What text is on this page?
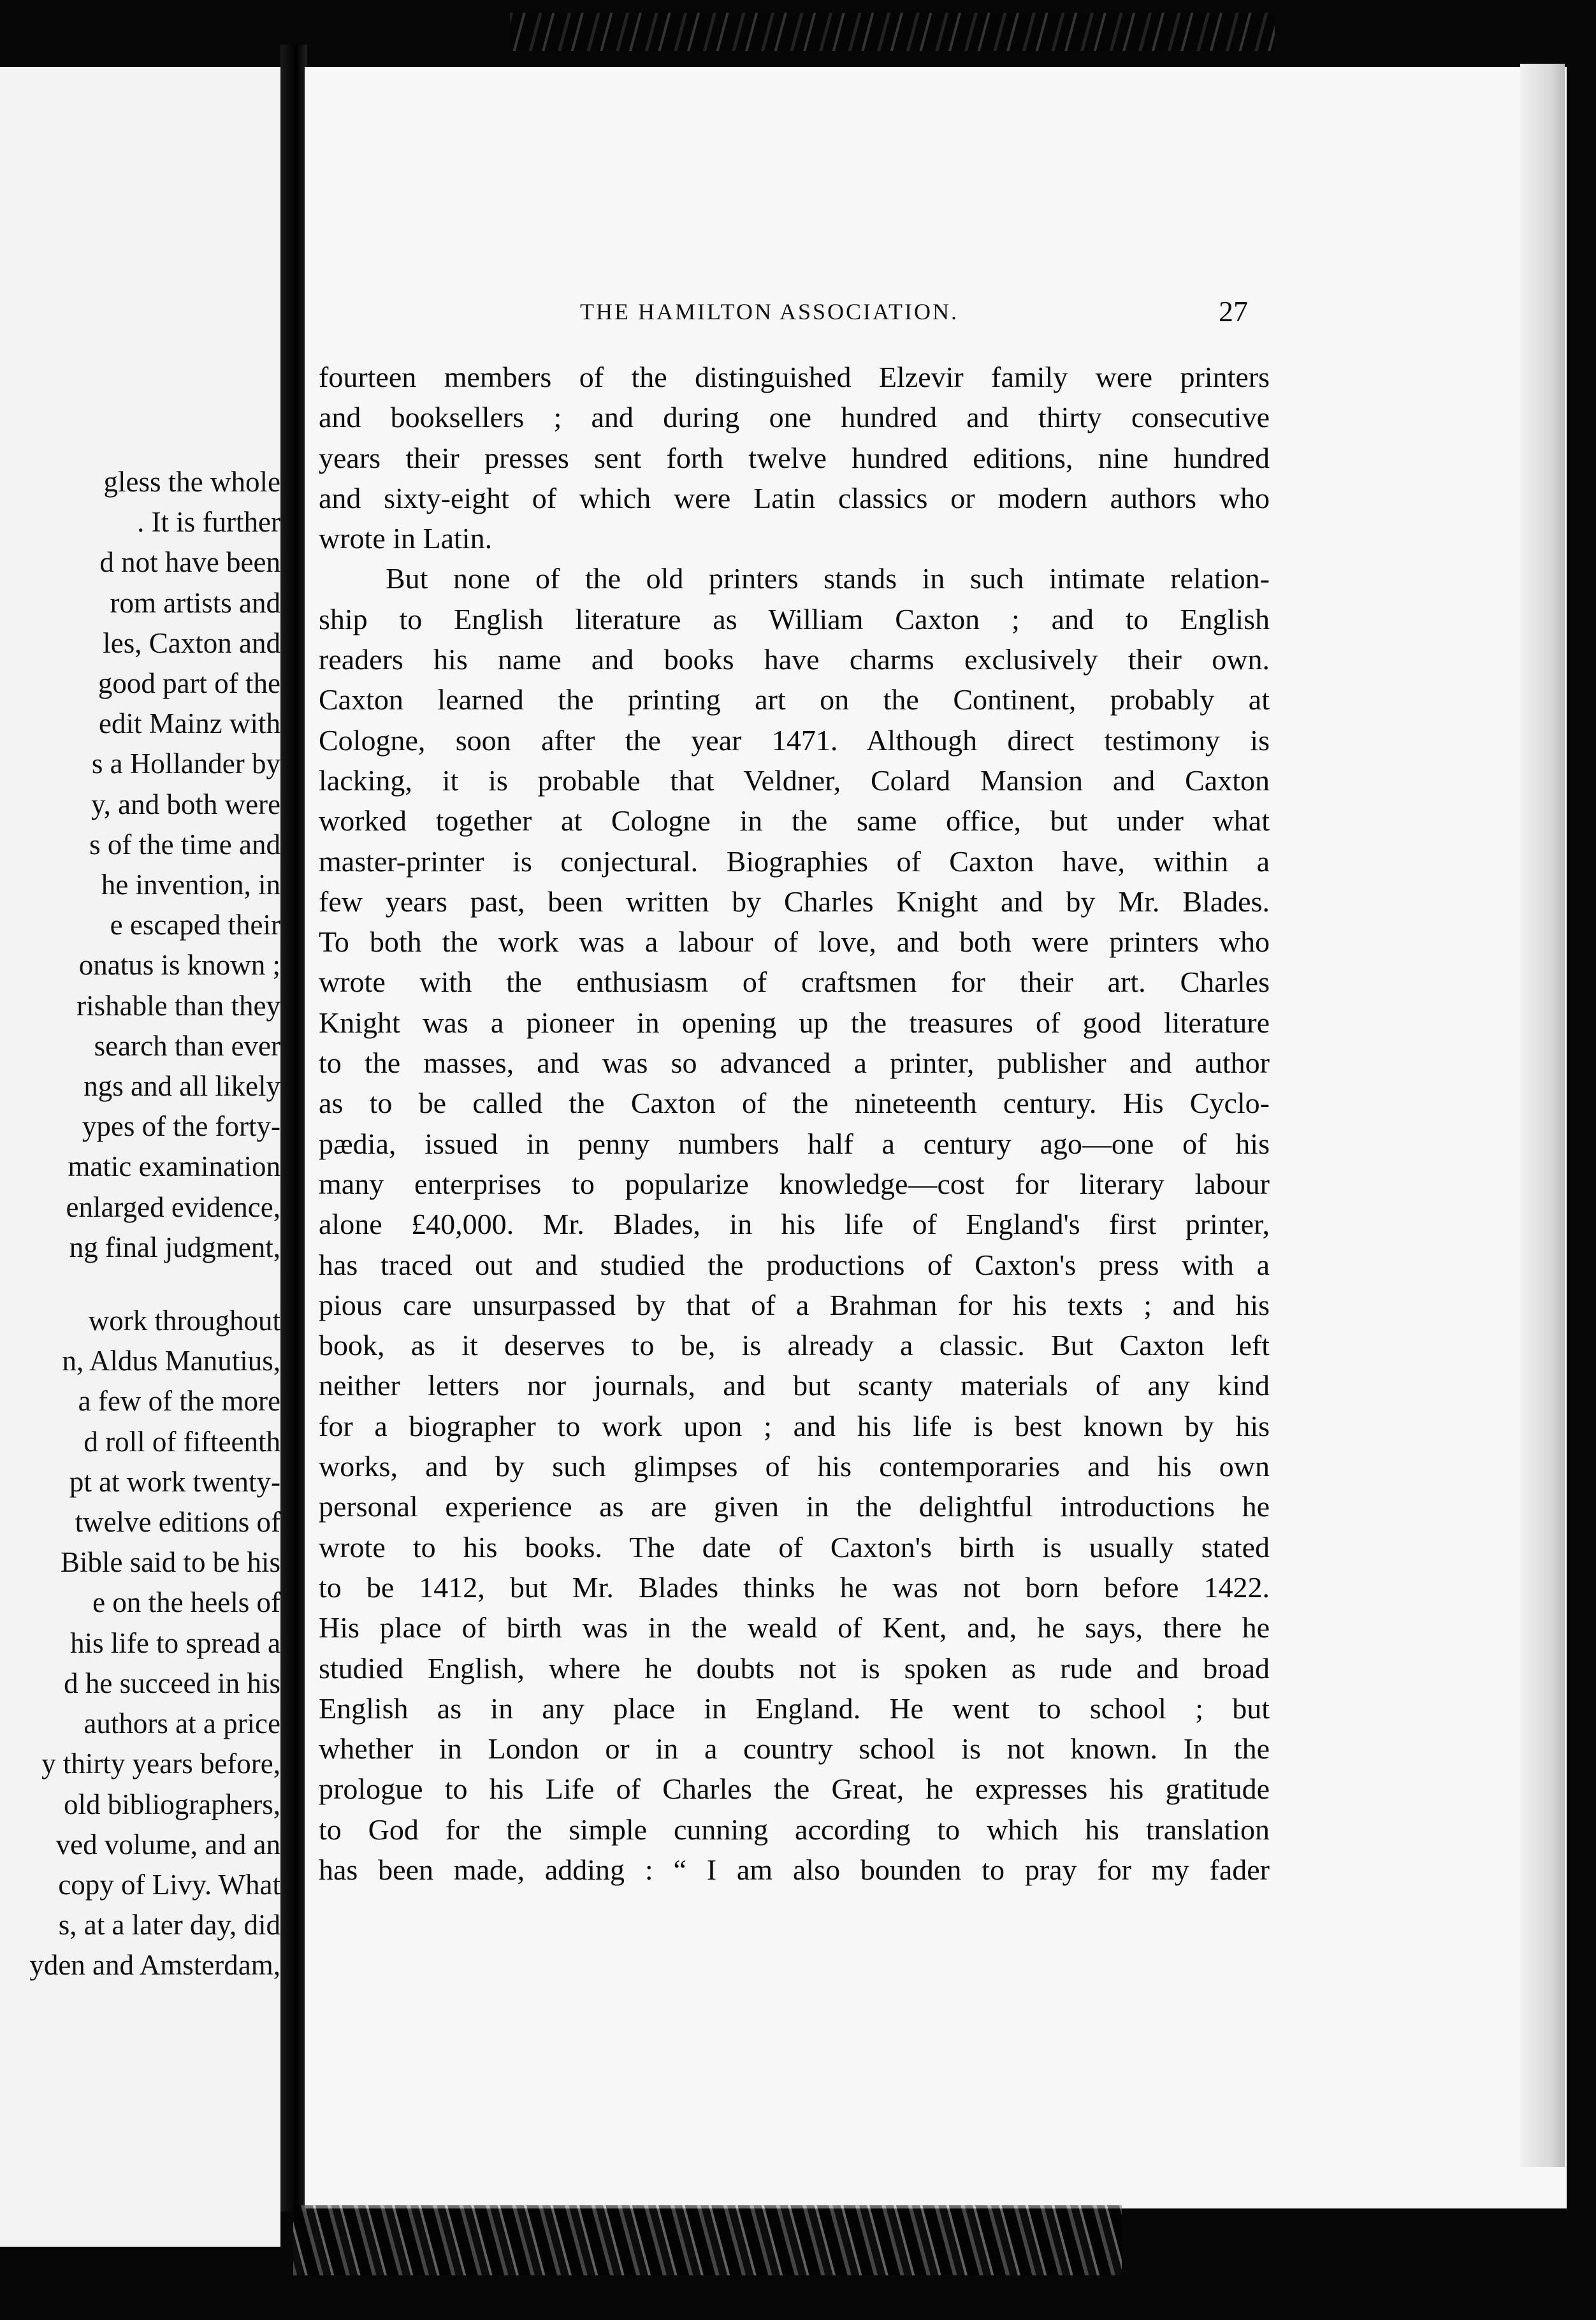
gless the whole
. It is further
d not have been
rom artists and
les, Caxton and
good part of the
edit Mainz with
s a Hollander by
y, and both were
s of the time and
he invention, in
e escaped their
onatus is known ;
rishable than they
search than ever
ngs and all likely
ypes of the forty-
matic examination
enlarged evidence,
ng final judgment,
work throughout
n, Aldus Manutius,
a few of the more
d roll of fifteenth
pt at work twenty-
twelve editions of
Bible said to be his
e on the heels of
his life to spread a
d he succeed in his
authors at a price
y thirty years before,
old bibliographers,
ved volume, and an
copy of Livy. What
s, at a later day, did
yden and Amsterdam,
THE HAMILTON ASSOCIATION.	27
fourteen members of the distinguished Elzevir family were printers
and booksellers ; and during one hundred and thirty consecutive
years their presses sent forth twelve hundred editions, nine hundred
and sixty-eight of which were Latin classics or modern authors who
wrote in Latin.
But none of the old printers stands in such intimate relation-
ship to English literature as William Caxton ; and to English
readers his name and books have charms exclusively their own.
Caxton learned the printing art on the Continent, probably at
Cologne, soon after the year 1471. Although direct testimony is
lacking, it is probable that Veldner, Colard Mansion and Caxton
worked together at Cologne in the same office, but under what
master-printer is conjectural. Biographies of Caxton have, within a
few years past, been written by Charles Knight and by Mr. Blades.
To both the work was a labour of love, and both were printers who
wrote with the enthusiasm of craftsmen for their art. Charles
Knight was a pioneer in opening up the treasures of good literature
to the masses, and was so advanced a printer, publisher and author
as to be called the Caxton of the nineteenth century. His Cyclo-
pædia, issued in penny numbers half a century ago—one of his
many enterprises to popularize knowledge—cost for literary labour
alone £40,000. Mr. Blades, in his life of England's first printer,
has traced out and studied the productions of Caxton's press with a
pious care unsurpassed by that of a Brahman for his texts ; and his
book, as it deserves to be, is already a classic. But Caxton left
neither letters nor journals, and but scanty materials of any kind
for a biographer to work upon ; and his life is best known by his
works, and by such glimpses of his contemporaries and his own
personal experience as are given in the delightful introductions he
wrote to his books. The date of Caxton's birth is usually stated
to be 1412, but Mr. Blades thinks he was not born before 1422.
His place of birth was in the weald of Kent, and, he says, there he
studied English, where he doubts not is spoken as rude and broad
English as in any place in England. He went to school ; but
whether in London or in a country school is not known. In the
prologue to his Life of Charles the Great, he expresses his gratitude
to God for the simple cunning according to which his translation
has been made, adding : “ I am also bounden to pray for my fader
